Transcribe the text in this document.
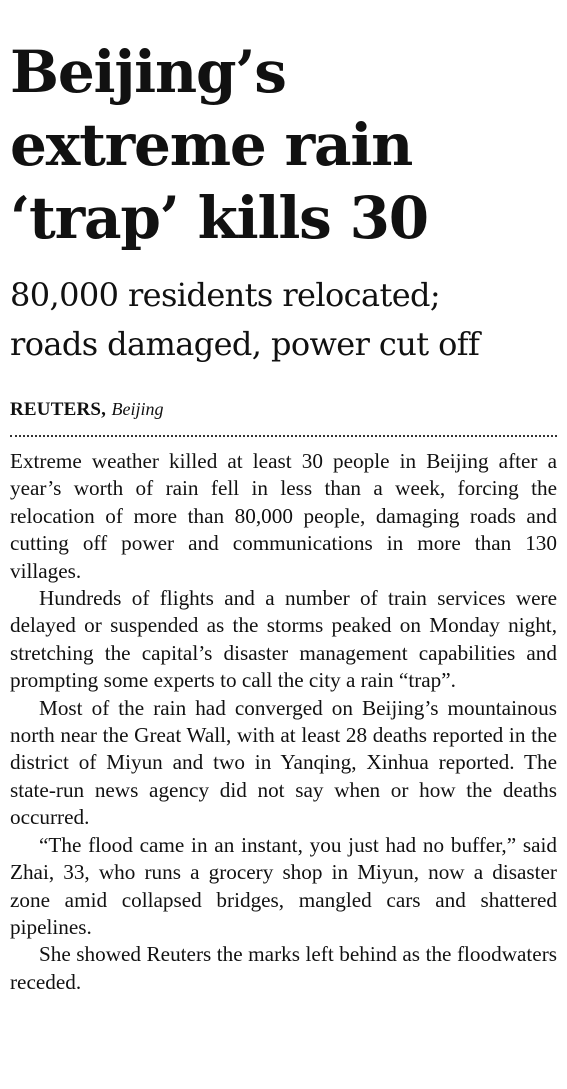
Beijing’s
extreme rain
‘trap’ kills 30
80,000 residents relocated;
roads damaged, power cut off
REUTERS, Beijing

Extreme weather killed at least 30 people in Beijing after a year’s worth of rain fell in less than a week, forcing the relocation of more than 80,000 people, damaging roads and cutting off power and communications in more than 130 villages.

Hundreds of flights and a number of train services were delayed or suspended as the storms peaked on Monday night, stretching the capital’s disaster management capabilities and prompting some experts to call the city a rain “trap”.

Most of the rain had converged on Beijing’s mountainous north near the Great Wall, with at least 28 deaths reported in the district of Miyun and two in Yanqing, Xinhua reported. The state-run news agency did not say when or how the deaths occurred.

“The flood came in an instant, you just had no buffer,” said Zhai, 33, who runs a grocery shop in Miyun, now a disaster zone amid collapsed bridges, mangled cars and shattered pipelines.

She showed Reuters the marks left behind as the floodwaters receded.
